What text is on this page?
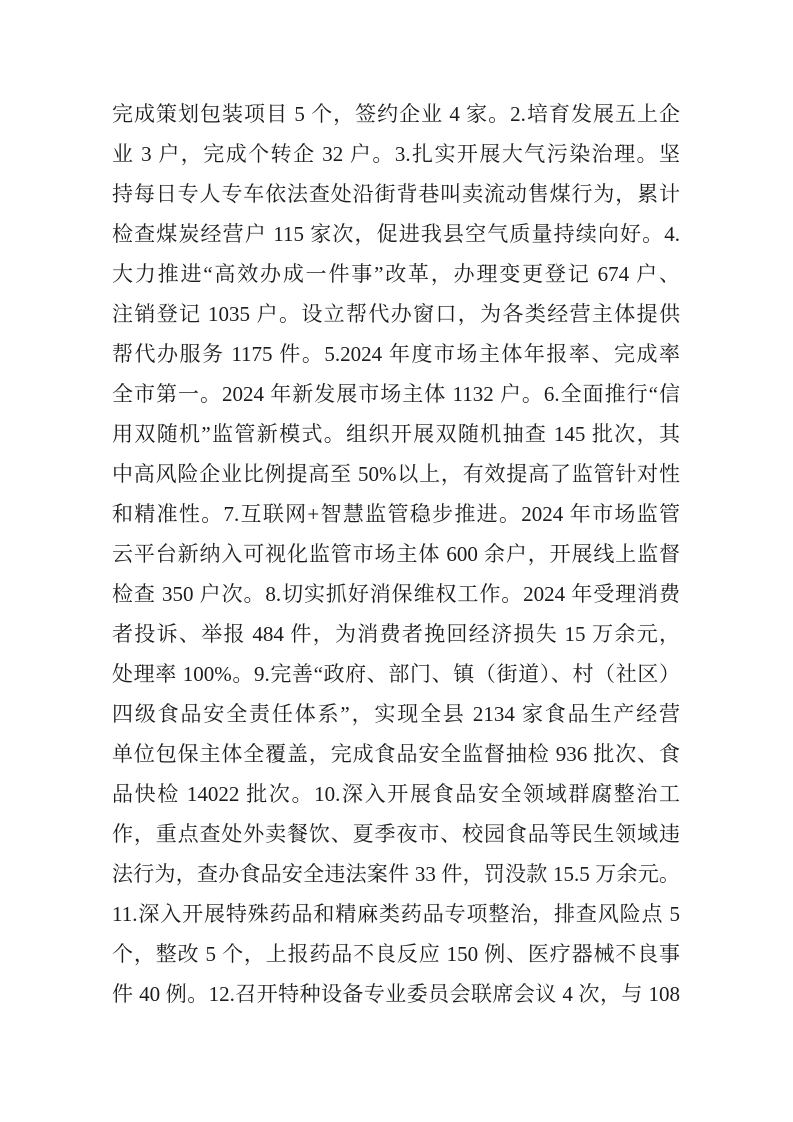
完成策划包装项目 5 个，签约企业 4 家。2.培育发展五上企

业 3 户，完成个转企 32 户。3.扎实开展大气污染治理。坚

持每日专人专车依法查处沿街背巷叫卖流动售煤行为，累计

检查煤炭经营户 115 家次，促进我县空气质量持续向好。4.

大力推进“高效办成一件事”改革，办理变更登记 674 户、

注销登记 1035 户。设立帮代办窗口，为各类经营主体提供

帮代办服务 1175 件。5.2024 年度市场主体年报率、完成率

全市第一。2024 年新发展市场主体 1132 户。6.全面推行“信

用双随机”监管新模式。组织开展双随机抽查 145 批次，其

中高风险企业比例提高至 50%以上，有效提高了监管针对性

和精准性。7.互联网+智慧监管稳步推进。2024 年市场监管

云平台新纳入可视化监管市场主体 600 余户，开展线上监督

检查 350 户次。8.切实抓好消保维权工作。2024 年受理消费

者投诉、举报 484 件，为消费者挽回经济损失 15 万余元，

处理率 100%。9.完善“政府、部门、镇（街道）、村（社区）

四级食品安全责任体系”，实现全县 2134 家食品生产经营

单位包保主体全覆盖，完成食品安全监督抽检 936 批次、食

品快检 14022 批次。10.深入开展食品安全领域群腐整治工

作，重点查处外卖餐饮、夏季夜市、校园食品等民生领域违

法行为，查办食品安全违法案件 33 件，罚没款 15.5 万余元。

11.深入开展特殊药品和精麻类药品专项整治，排查风险点 5

个，整改 5 个，上报药品不良反应 150 例、医疗器械不良事

件 40 例。12.召开特种设备专业委员会联席会议 4 次，与 108
